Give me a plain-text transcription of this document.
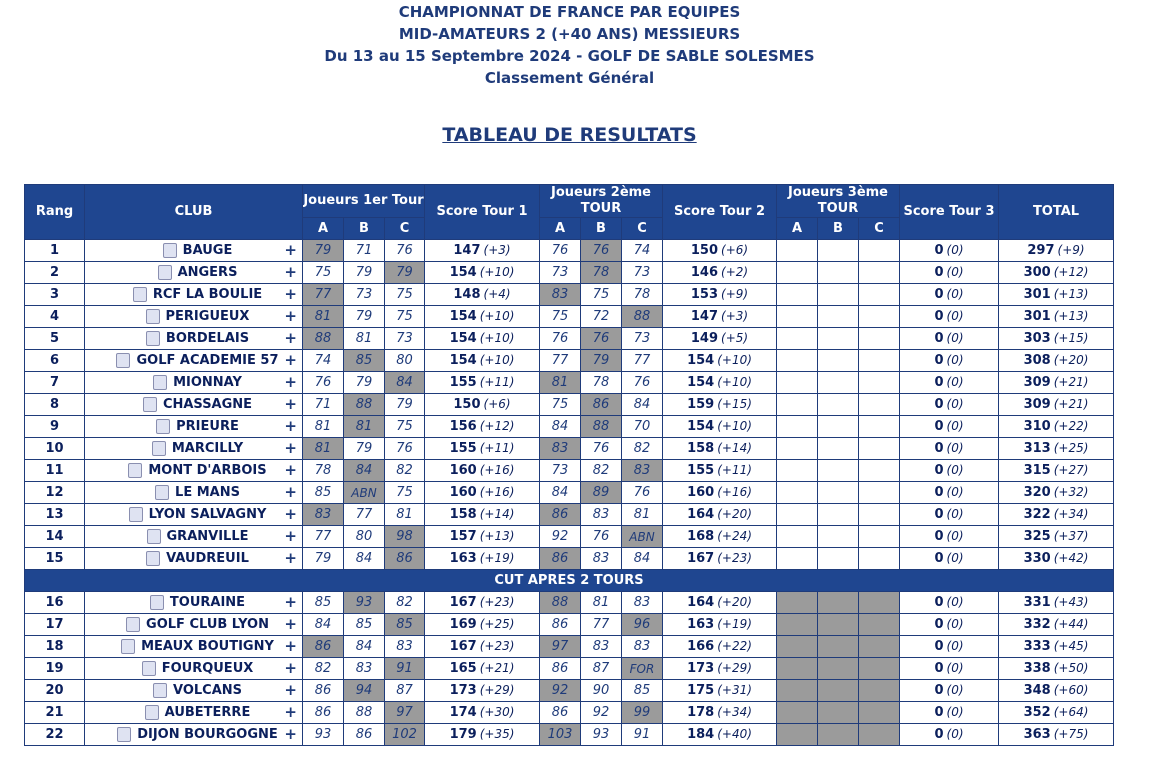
CHAMPIONNAT DE FRANCE PAR EQUIPES
MID-AMATEURS 2 (+40 ANS) MESSIEURS
Du 13 au 15 Septembre 2024 - GOLF DE SABLE SOLESMES
Classement Général
TABLEAU DE RESULTATS
Rang	CLUB	Joueurs 1er Tour			Score Tour 1	Joueurs 2ème TOUR			Score Tour 2	Joueurs 3ème TOUR			Score Tour 3	TOTAL
		A	B	C		A	B	C		A	B	C		
1	BAUGE +	79	71	76	147 (+3)	76	76	74	150 (+6)				0 (0)	297 (+9)
2	ANGERS +	75	79	79	154 (+10)	73	78	73	146 (+2)				0 (0)	300 (+12)
3	RCF LA BOULIE +	77	73	75	148 (+4)	83	75	78	153 (+9)				0 (0)	301 (+13)
4	PERIGUEUX +	81	79	75	154 (+10)	75	72	88	147 (+3)				0 (0)	301 (+13)
5	BORDELAIS +	88	81	73	154 (+10)	76	76	73	149 (+5)				0 (0)	303 (+15)
6	GOLF ACADEMIE 57 +	74	85	80	154 (+10)	77	79	77	154 (+10)				0 (0)	308 (+20)
7	MIONNAY +	76	79	84	155 (+11)	81	78	76	154 (+10)				0 (0)	309 (+21)
8	CHASSAGNE +	71	88	79	150 (+6)	75	86	84	159 (+15)				0 (0)	309 (+21)
9	PRIEURE +	81	81	75	156 (+12)	84	88	70	154 (+10)				0 (0)	310 (+22)
10	MARCILLY +	81	79	76	155 (+11)	83	76	82	158 (+14)				0 (0)	313 (+25)
11	MONT D'ARBOIS +	78	84	82	160 (+16)	73	82	83	155 (+11)				0 (0)	315 (+27)
12	LE MANS +	85	ABN	75	160 (+16)	84	89	76	160 (+16)				0 (0)	320 (+32)
13	LYON SALVAGNY +	83	77	81	158 (+14)	86	83	81	164 (+20)				0 (0)	322 (+34)
14	GRANVILLE +	77	80	98	157 (+13)	92	76	ABN	168 (+24)				0 (0)	325 (+37)
15	VAUDREUIL +	79	84	86	163 (+19)	86	83	84	167 (+23)				0 (0)	330 (+42)
CUT APRES 2 TOURS														
16	TOURAINE +	85	93	82	167 (+23)	88	81	83	164 (+20)				0 (0)	331 (+43)
17	GOLF CLUB LYON +	84	85	85	169 (+25)	86	77	96	163 (+19)				0 (0)	332 (+44)
18	MEAUX BOUTIGNY +	86	84	83	167 (+23)	97	83	83	166 (+22)				0 (0)	333 (+45)
19	FOURQUEUX +	82	83	91	165 (+21)	86	87	FOR	173 (+29)				0 (0)	338 (+50)
20	VOLCANS +	86	94	87	173 (+29)	92	90	85	175 (+31)				0 (0)	348 (+60)
21	AUBETERRE +	86	88	97	174 (+30)	86	92	99	178 (+34)				0 (0)	352 (+64)
22	DIJON BOURGOGNE +	93	86	102	179 (+35)	103	93	91	184 (+40)				0 (0)	363 (+75)
